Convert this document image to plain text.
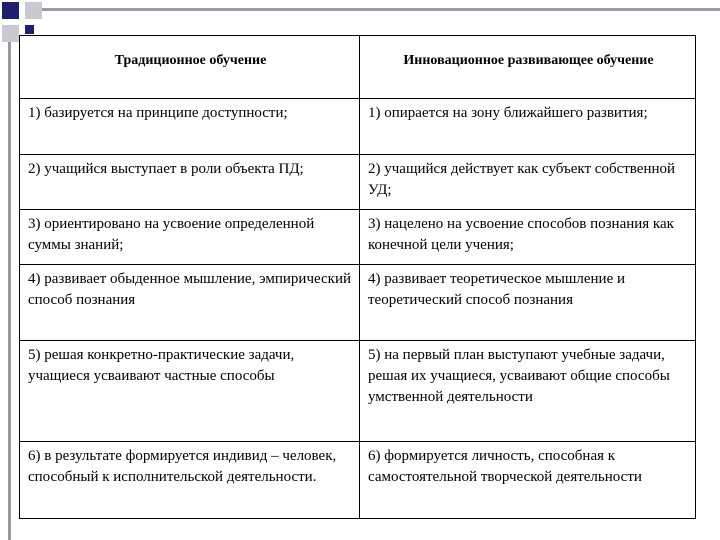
Традиционное обучение	Инновационное развивающее обучение
1) базируется на принципе доступности;	1) опирается на зону ближайшего развития;
2) учащийся выступает в роли объекта ПД;	2) учащийся действует как субъект собственной УД;
3) ориентировано на усвоение определенной суммы знаний;	3) нацелено на усвоение способов познания как конечной цели учения;
4) развивает обыденное мышление, эмпирический способ познания	4) развивает теоретическое мышление и теоретический способ познания
5) решая конкретно-практические задачи, учащиеся усваивают частные способы	5) на первый план выступают учебные задачи, решая их учащиеся, усваивают общие способы умственной деятельности
6) в результате формируется индивид – человек, способный к исполнительской деятельности.	6) формируется личность, способная к самостоятельной творческой деятельности
